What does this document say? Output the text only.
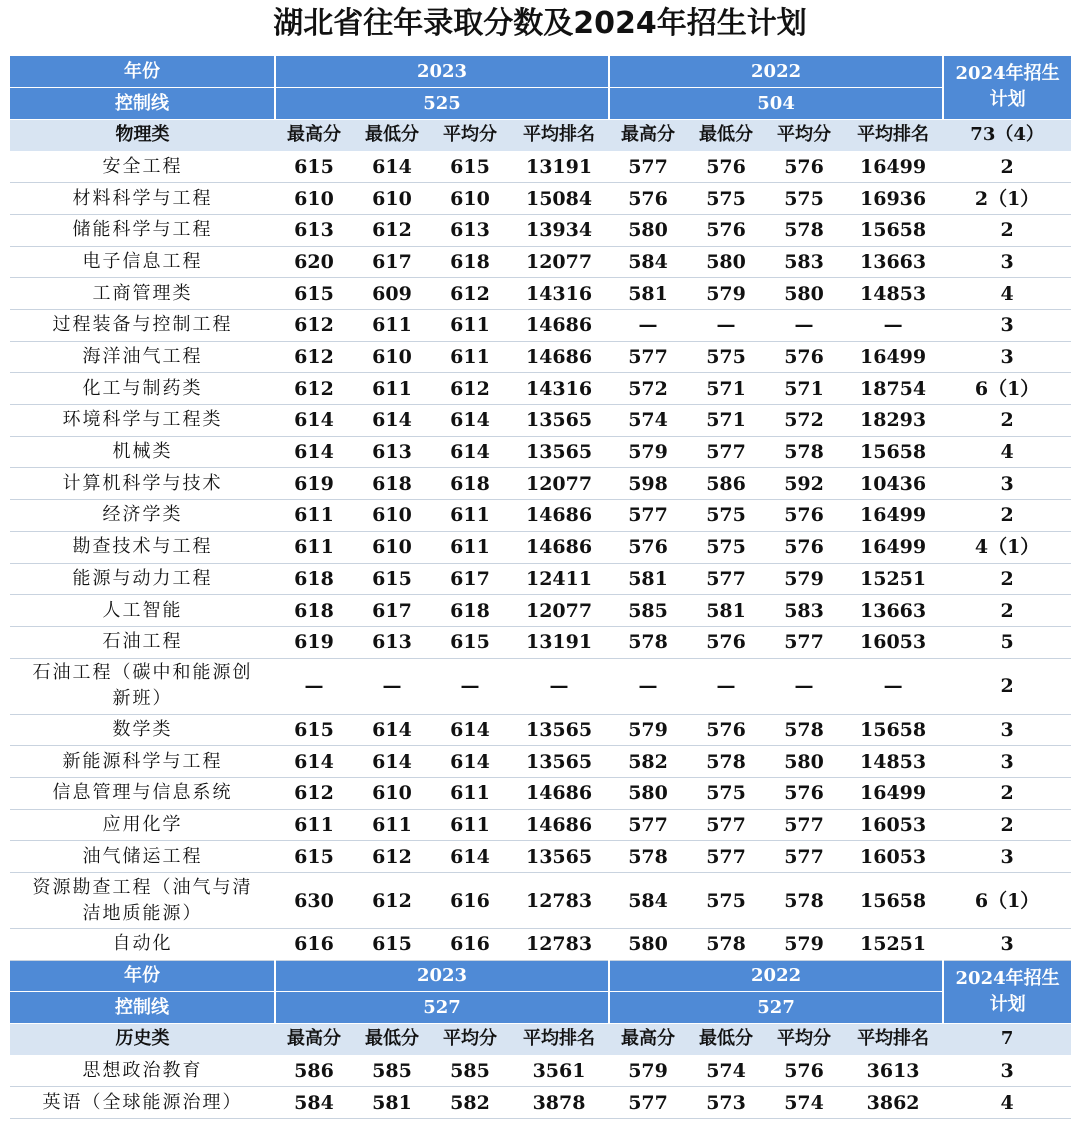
湖北省往年录取分数及2024年招生计划
年份	2023				2022				2024年招生计划
控制线	525				504				
物理类	最高分	最低分	平均分	平均排名	最高分	最低分	平均分	平均排名	73（4）
安全工程	615	614	615	13191	577	576	576	16499	2
材料科学与工程	610	610	610	15084	576	575	575	16936	2（1）
储能科学与工程	613	612	613	13934	580	576	578	15658	2
电子信息工程	620	617	618	12077	584	580	583	13663	3
工商管理类	615	609	612	14316	581	579	580	14853	4
过程装备与控制工程	612	611	611	14686	—	—	—	—	3
海洋油气工程	612	610	611	14686	577	575	576	16499	3
化工与制药类	612	611	612	14316	572	571	571	18754	6（1）
环境科学与工程类	614	614	614	13565	574	571	572	18293	2
机械类	614	613	614	13565	579	577	578	15658	4
计算机科学与技术	619	618	618	12077	598	586	592	10436	3
经济学类	611	610	611	14686	577	575	576	16499	2
勘查技术与工程	611	610	611	14686	576	575	576	16499	4（1）
能源与动力工程	618	615	617	12411	581	577	579	15251	2
人工智能	618	617	618	12077	585	581	583	13663	2
石油工程	619	613	615	13191	578	576	577	16053	5

石油工程（碳中和能源创
新班）	—	—	—	—	—	—	—	—	2
数学类	615	614	614	13565	579	576	578	15658	3
新能源科学与工程	614	614	614	13565	582	578	580	14853	3
信息管理与信息系统	612	610	611	14686	580	575	576	16499	2
应用化学	611	611	611	14686	577	577	577	16053	2
油气储运工程	615	612	614	13565	578	577	577	16053	3

资源勘查工程（油气与清
洁地质能源）	630	612	616	12783	584	575	578	15658	6（1）
自动化	616	615	616	12783	580	578	579	15251	3
年份	2023				2022				2024年招生计划
控制线	527				527				
历史类	最高分	最低分	平均分	平均排名	最高分	最低分	平均分	平均排名	7
思想政治教育	586	585	585	3561	579	574	576	3613	3
英语（全球能源治理）	584	581	582	3878	577	573	574	3862	4
